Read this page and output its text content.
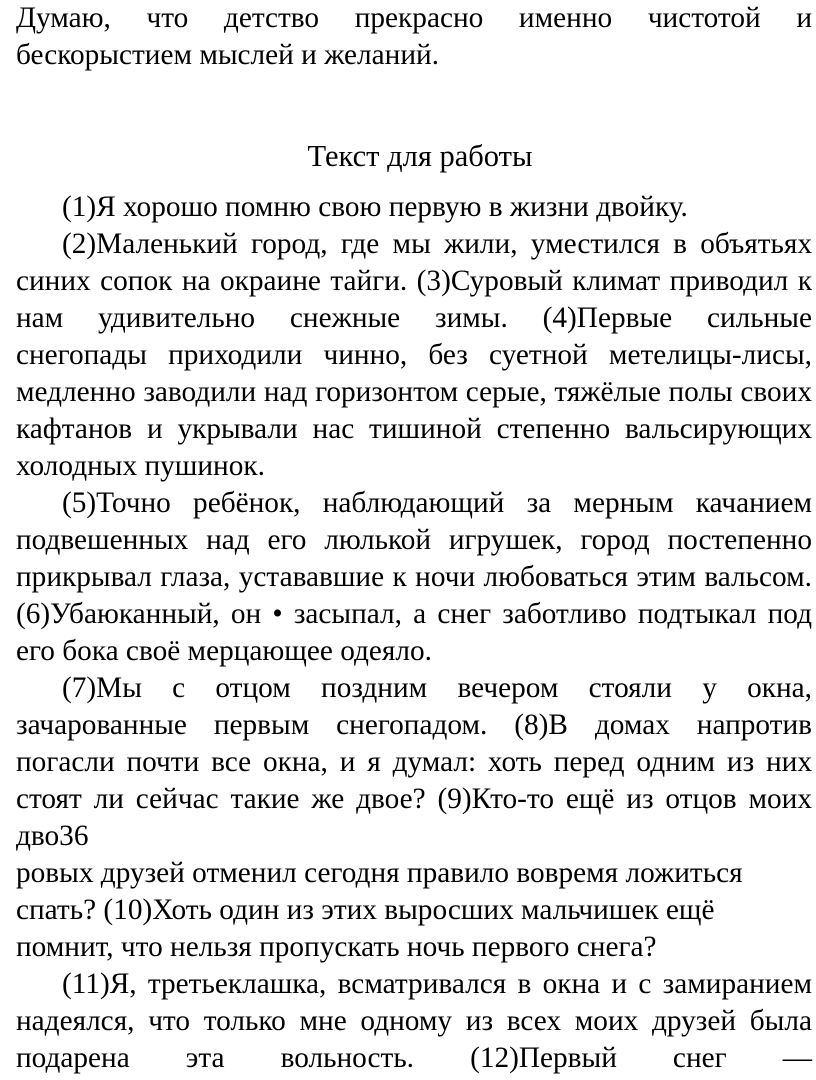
Думаю, что детство прекрасно именно чистотой и бескорыстием мыслей и желаний.

Текст для работы

(1)Я хорошо помню свою первую в жизни двойку.

(2)Маленький город, где мы жили, уместился в объятьях синих сопок на окраине тайги. (3)Суровый климат приводил к нам удивительно снежные зимы. (4)Первые сильные снегопады приходили чинно, без суетной метелицы-лисы, медленно заводили над горизонтом серые, тяжёлые полы своих кафтанов и укрывали нас тишиной степенно вальсирующих холодных пушинок.

(5)Точно ребёнок, наблюдающий за мерным качанием подвешенных над его люлькой игрушек, город постепенно прикрывал глаза, устававшие к ночи любоваться этим вальсом. (6)Убаюканный, он • засыпал, а снег заботливо подтыкал под его бока своё мерцающее одеяло.

(7)Мы с отцом поздним вечером стояли у окна, зачарованные первым снегопадом. (8)В домах напротив погасли почти все окна, и я думал: хоть перед одним из них стоят ли сейчас такие же двое? (9)Кто-то ещё из отцов моих дво36

ровых друзей отменил сегодня правило вовремя ложиться спать? (10)Хоть один из этих выросших мальчишек ещё помнит, что нельзя пропускать ночь первого снега?

(11)Я, третьеклашка, всматривался в окна и с замиранием надеялся, что только мне одному из всех моих друзей была подарена эта вольность. (12)Первый снег —
